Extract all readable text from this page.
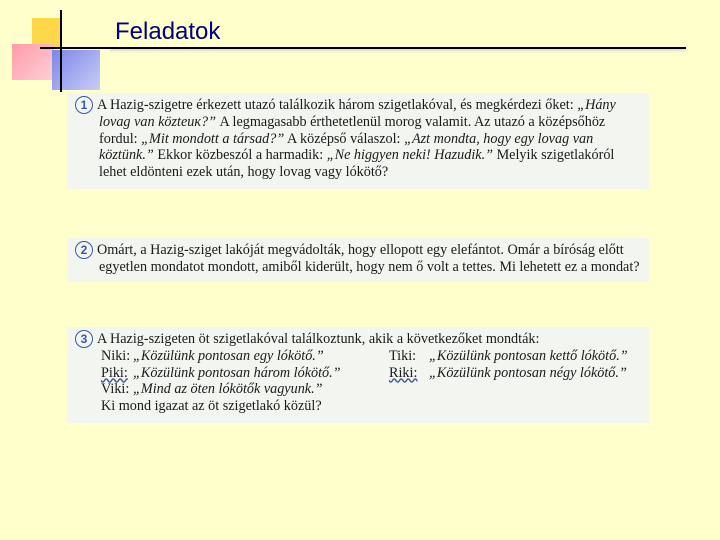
Feladatok
1 A Hazig-szigetre érkezett utazó találkozik három szigetlakóval, és megkérdezi őket: „Hány
lovag van közteик?” A legmagasabb érthetetlenül morog valamit. Az utazó a középsőhöz
fordul: „Mit mondott a társad?” A középső válaszol: „Azt mondta, hogy egy lovag van
köztünk.” Ekkor közbeszól a harmadik: „Ne higgyen neki! Hazudik.” Melyik szigetlakóról
lehet eldönteni ezek után, hogy lovag vagy lókötő?
2 Omárt, a Hazig-sziget lakóját megvádolták, hogy ellopott egy elefántot. Omár a bíróság előtt
egyetlen mondatot mondott, amiből kiderült, hogy nem ő volt a tettes. Mi lehetett ez a mondat?
3 A Hazig-szigeten öt szigetlakóval találkoztunk, akik a következőket mondták:
Niki: „Közülünk pontosan egy lókötő.”	Tiki: „Közülünk pontosan kettő lókötő.”
Piki: „Közülünk pontosan három lókötő.”	Riki: „Közülünk pontosan négy lókötő.”
Viki: „Mind az öten lókötők vagyunk.”
Ki mond igazat az öt szigetlakó közül?
